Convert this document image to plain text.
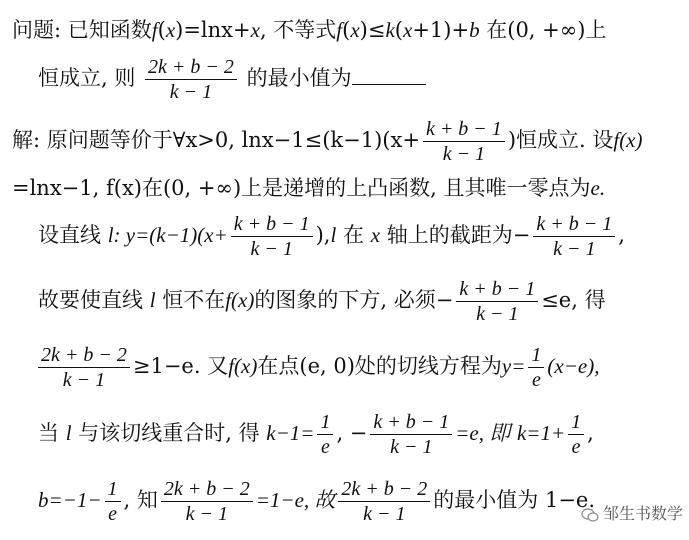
问题: 已知函数f(x)=lnx+x, 不等式f(x)≤k(x+1)+b 在(0, +∞)上
恒成立, 则 $\frac{2k + b - 2}{k - 1}$ 的最小值为
解: 原问题等价于∀x>0, $\ln x-1\le(k-1)(x+ \frac{k + b - 1}{k - 1}$ )恒成立. 设f(x)
=lnx−1, f(x)在(0, +∞)上是递增的上凸函数, 且其唯一零点为e.
设直线 l: $y=(k-1)(x+ \frac{k + b - 1}{k - 1} ),l$ 在 x 轴上的截距为− $\frac{k + b - 1}{k - 1}$ ,
故要使直线 l 恒不在f(x)的图象的下方, 必须− $\frac{k + b - 1}{k - 1} \le e$, 得
$\frac{2k + b - 2}{k - 1} \ge 1-e$. 又f(x)在点(e, 0)处的切线方程为$y= \frac{1}{e} (x-e)$,
当 l 与该切线重合时, 得 $k-1= \frac{1}{e}$ , − $\frac{k + b - 1}{k - 1} =e$, 即 $k=1+ \frac{1}{e}$ ,
$b=-1- \frac{1}{e}$ , 知 $\frac{2k + b - 2}{k - 1} =1-e$, 故 $\frac{2k + b - 2}{k - 1}$ 的最小值为 1−e.
邹生书数学
